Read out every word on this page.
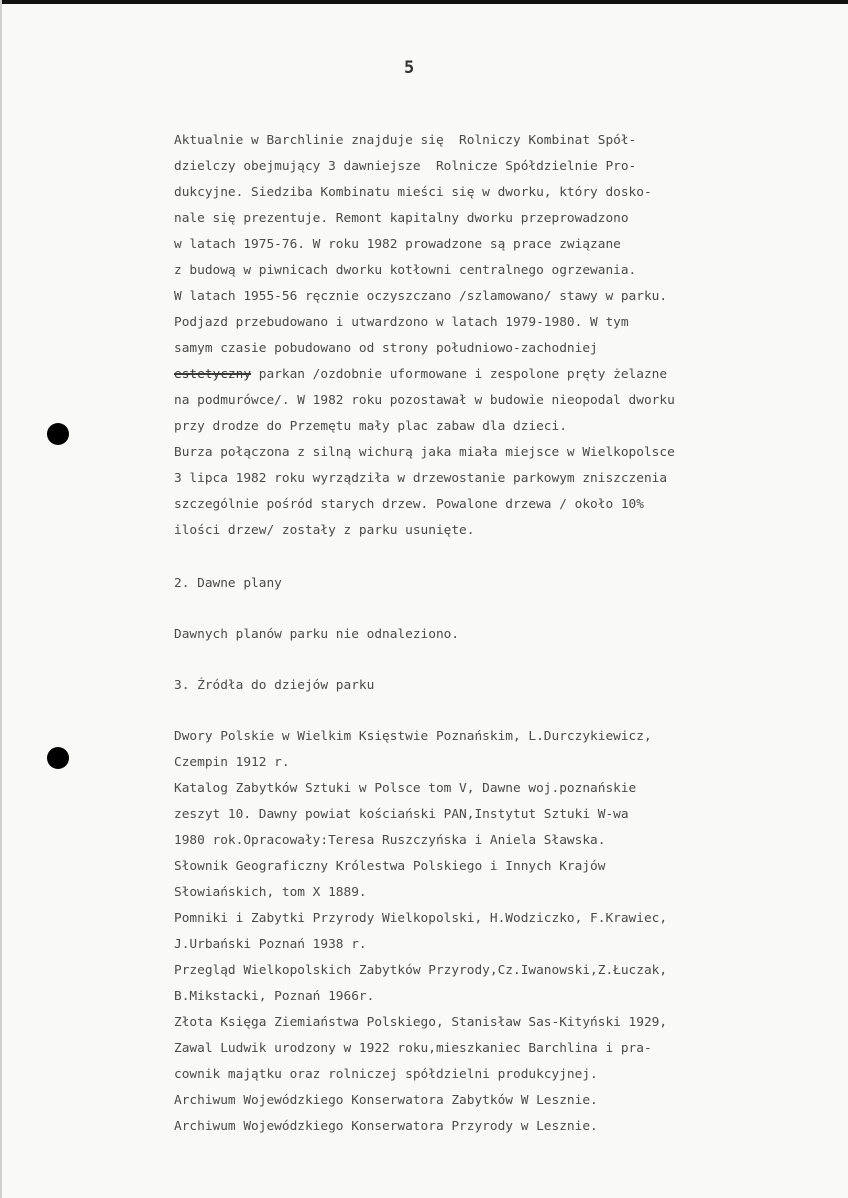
5
Aktualnie w Barchlinie znajduje się  Rolniczy Kombinat Spół-
dzielczy obejmujący 3 dawniejsze  Rolnicze Spółdzielnie Pro-
dukcyjne. Siedziba Kombinatu mieści się w dworku, który dosko-
nale się prezentuje. Remont kapitalny dworku przeprowadzono
w latach 1975-76. W roku 1982 prowadzone są prace związane
z budową w piwnicach dworku kotłowni centralnego ogrzewania.
W latach 1955-56 ręcznie oczyszczano /szlamowano/ stawy w parku.
Podjazd przebudowano i utwardzono w latach 1979-1980. W tym
samym czasie pobudowano od strony południowo-zachodniej
estetyczny parkan /ozdobnie uformowane i zespolone pręty żelazne
na podmurówce/. W 1982 roku pozostawał w budowie nieopodal dworku
przy drodze do Przemętu mały plac zabaw dla dzieci.
Burza połączona z silną wichurą jaka miała miejsce w Wielkopolsce
3 lipca 1982 roku wyrządziła w drzewostanie parkowym zniszczenia
szczególnie pośród starych drzew. Powalone drzewa / około 10%
ilości drzew/ zostały z parku usunięte.
2. Dawne plany
Dawnych planów parku nie odnaleziono.
3. Źródła do dziejów parku
Dwory Polskie w Wielkim Księstwie Poznańskim, L.Durczykiewicz,
Czempin 1912 r.
Katalog Zabytków Sztuki w Polsce tom V, Dawne woj.poznańskie
zeszyt 10. Dawny powiat kościański PAN,Instytut Sztuki W-wa
1980 rok.Opracowały:Teresa Ruszczyńska i Aniela Sławska.
Słownik Geograficzny Królestwa Polskiego i Innych Krajów
Słowiańskich, tom X 1889.
Pomniki i Zabytki Przyrody Wielkopolski, H.Wodziczko, F.Krawiec,
J.Urbański Poznań 1938 r.
Przegląd Wielkopolskich Zabytków Przyrody,Cz.Iwanowski,Z.Łuczak,
B.Mikstacki, Poznań 1966r.
Złota Księga Ziemiaństwa Polskiego, Stanisław Sas-Kityński 1929,
Zawal Ludwik urodzony w 1922 roku,mieszkaniec Barchlina i pra-
cownik majątku oraz rolniczej spółdzielni produkcyjnej.
Archiwum Wojewódzkiego Konserwatora Zabytków W Lesznie.
Archiwum Wojewódzkiego Konserwatora Przyrody w Lesznie.
